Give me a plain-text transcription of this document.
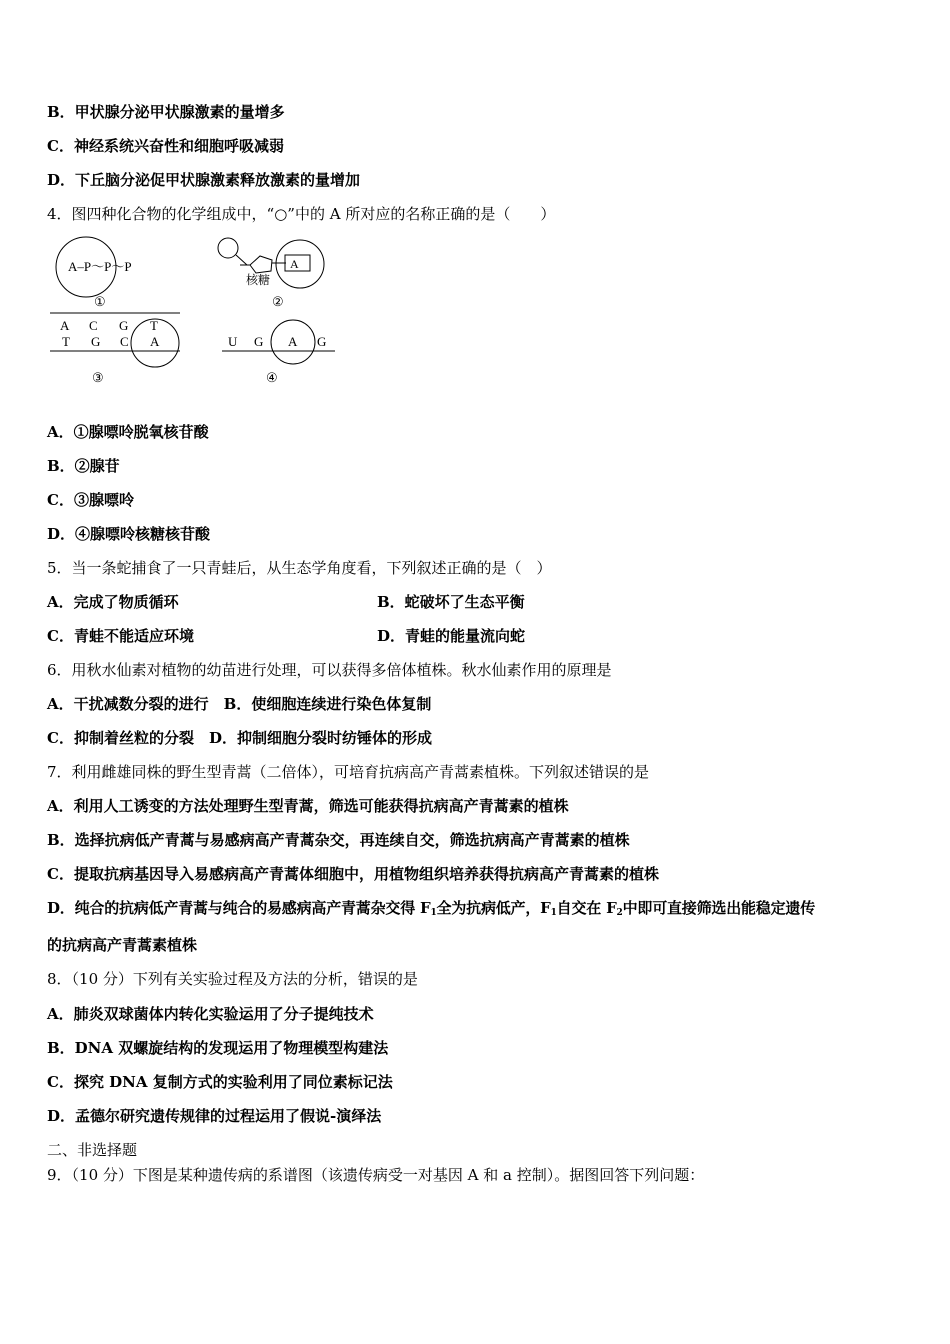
B．甲状腺分泌甲状腺激素的量增多
C．神经系统兴奋性和细胞呼吸减弱
D．下丘脑分泌促甲状腺激素释放激素的量增加
4．图四种化合物的化学组成中，“○”中的 A 所对应的名称正确的是（　　）
A–P～P～P
①
A
核糖
②
A C G T
T G C A
③
U G A G
④
A．①腺嘌呤脱氧核苷酸
B．②腺苷
C．③腺嘌呤
D．④腺嘌呤核糖核苷酸
5．当一条蛇捕食了一只青蛙后，从生态学角度看，下列叙述正确的是（　）
A．完成了物质循环	B．蛇破坏了生态平衡
C．青蛙不能适应环境	D．青蛙的能量流向蛇
6．用秋水仙素对植物的幼苗进行处理，可以获得多倍体植株。秋水仙素作用的原理是
A．干扰减数分裂的进行　B．使细胞连续进行染色体复制
C．抑制着丝粒的分裂　D．抑制细胞分裂时纺锤体的形成
7．利用雌雄同株的野生型青蒿（二倍体），可培育抗病高产青蒿素植株。下列叙述错误的是
A．利用人工诱变的方法处理野生型青蒿，筛选可能获得抗病高产青蒿素的植株
B．选择抗病低产青蒿与易感病高产青蒿杂交，再连续自交，筛选抗病高产青蒿素的植株
C．提取抗病基因导入易感病高产青蒿体细胞中，用植物组织培养获得抗病高产青蒿素的植株
D．纯合的抗病低产青蒿与纯合的易感病高产青蒿杂交得 $F_1$全为抗病低产，$F_1$自交在 $F_2$中即可直接筛选出能稳定遗传
的抗病高产青蒿素植株
8．（10 分）下列有关实验过程及方法的分析，错误的是
A．肺炎双球菌体内转化实验运用了分子提纯技术
B．DNA 双螺旋结构的发现运用了物理模型构建法
C．探究 DNA 复制方式的实验利用了同位素标记法
D．孟德尔研究遗传规律的过程运用了假说-演绎法
二、非选择题
9．（10 分）下图是某种遗传病的系谱图（该遗传病受一对基因 A 和 a 控制）。据图回答下列问题：
